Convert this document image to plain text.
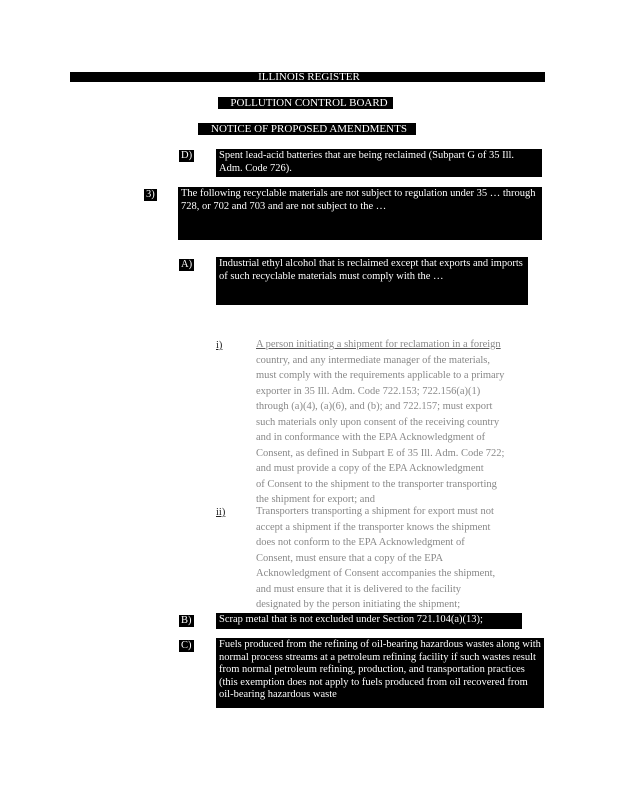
ILLINOIS REGISTER
POLLUTION CONTROL BOARD
NOTICE OF PROPOSED AMENDMENTS
D)	Spent lead-acid batteries that are being reclaimed (Subpart G of 35 Ill. Adm. Code 726).
3)	The following recyclable materials are not subject to regulation under 35 … through 728, or 702 and 703 and are not subject to the …
A)	Industrial ethyl alcohol that is reclaimed except that exports and imports of such recyclable materials must comply with the …
i)	A person initiating a shipment for reclamation in a foreign
country, and any intermediate manager of the materials,
must comply with the requirements applicable to a primary
exporter in 35 Ill. Adm. Code 722.153; 722.156(a)(1)
through (a)(4), (a)(6), and (b); and 722.157; must export
such materials only upon consent of the receiving country
and in conformance with the EPA Acknowledgment of
Consent, as defined in Subpart E of 35 Ill. Adm. Code 722;
and must provide a copy of the EPA Acknowledgment
of Consent to the shipment to the transporter transporting
the shipment for export; and
ii)	Transporters transporting a shipment for export must not
accept a shipment if the transporter knows the shipment
does not conform to the EPA Acknowledgment of
Consent, must ensure that a copy of the EPA
Acknowledgment of Consent accompanies the shipment,
and must ensure that it is delivered to the facility
designated by the person initiating the shipment;
B)	Scrap metal that is not excluded under Section 721.104(a)(13);
C)	Fuels produced from the refining of oil-bearing hazardous wastes along with normal process streams at a petroleum refining facility if such wastes result from normal petroleum refining, production, and transportation practices (this exemption does not apply to fuels produced from oil recovered from oil-bearing hazardous waste
